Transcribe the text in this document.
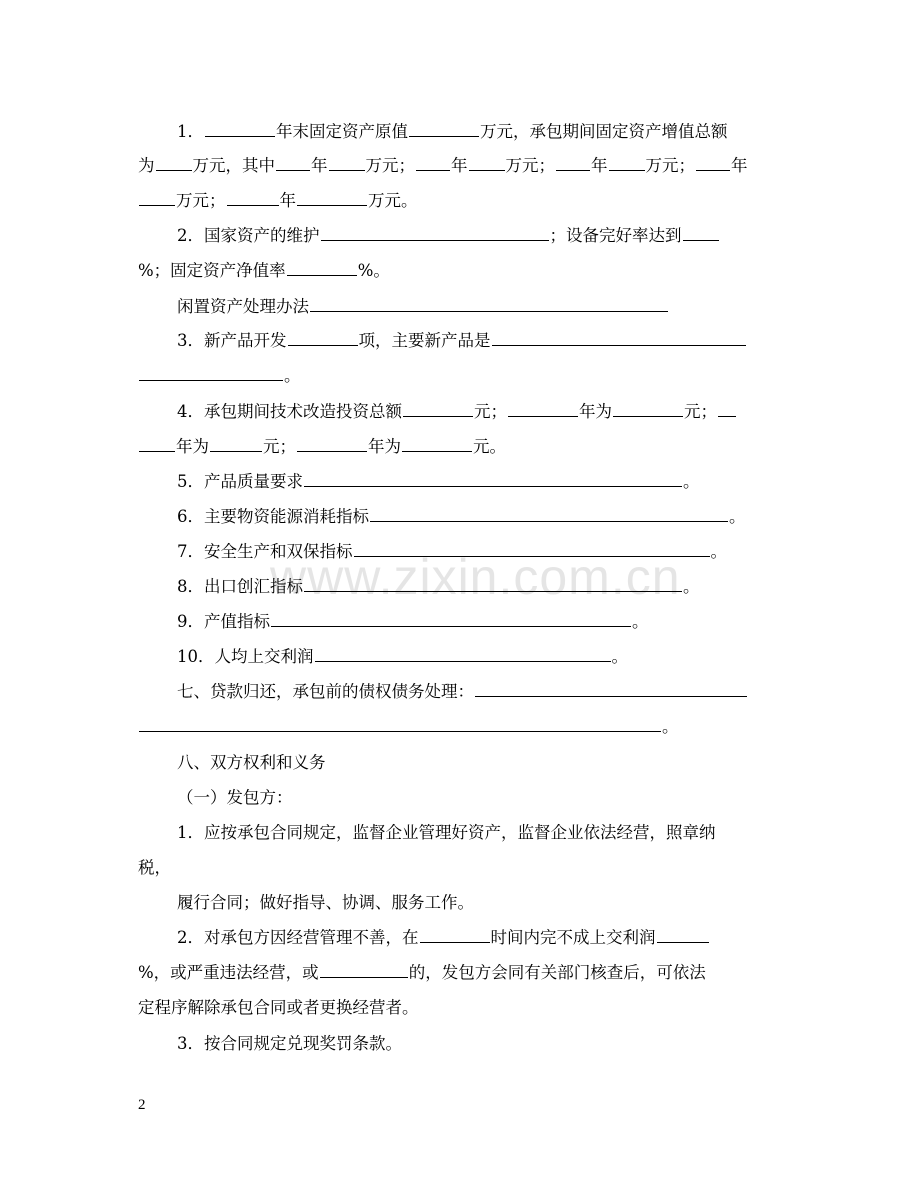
www.zixin.com.cn
1．	年末固定资产原值	万元，承包期间固定资产增值总额
为 万元，其中 年 万元； 年 万元； 年 万元； 年
万元；	年	万元。
2．国家资产的维护	；设备完好率达到
%；固定资产净值率	%。
闲置资产处理办法
3．新产品开发	项，主要新产品是
。
4．承包期间技术改造投资总额	元；	年为	元；
年为	元；	年为	元。
5．产品质量要求	。
6．主要物资能源消耗指标	。
7．安全生产和双保指标	。
8．出口创汇指标	。
9．产值指标	。
10．人均上交利润	。
七、贷款归还，承包前的债权债务处理：
。
八、双方权利和义务
（一）发包方：
1．应按承包合同规定，监督企业管理好资产，监督企业依法经营，照章纳
税，
履行合同；做好指导、协调、服务工作。
2．对承包方因经营管理不善，在	时间内完不成上交利润
%，或严重违法经营，或	的，发包方会同有关部门核查后，可依法
定程序解除承包合同或者更换经营者。
3．按合同规定兑现奖罚条款。
2
